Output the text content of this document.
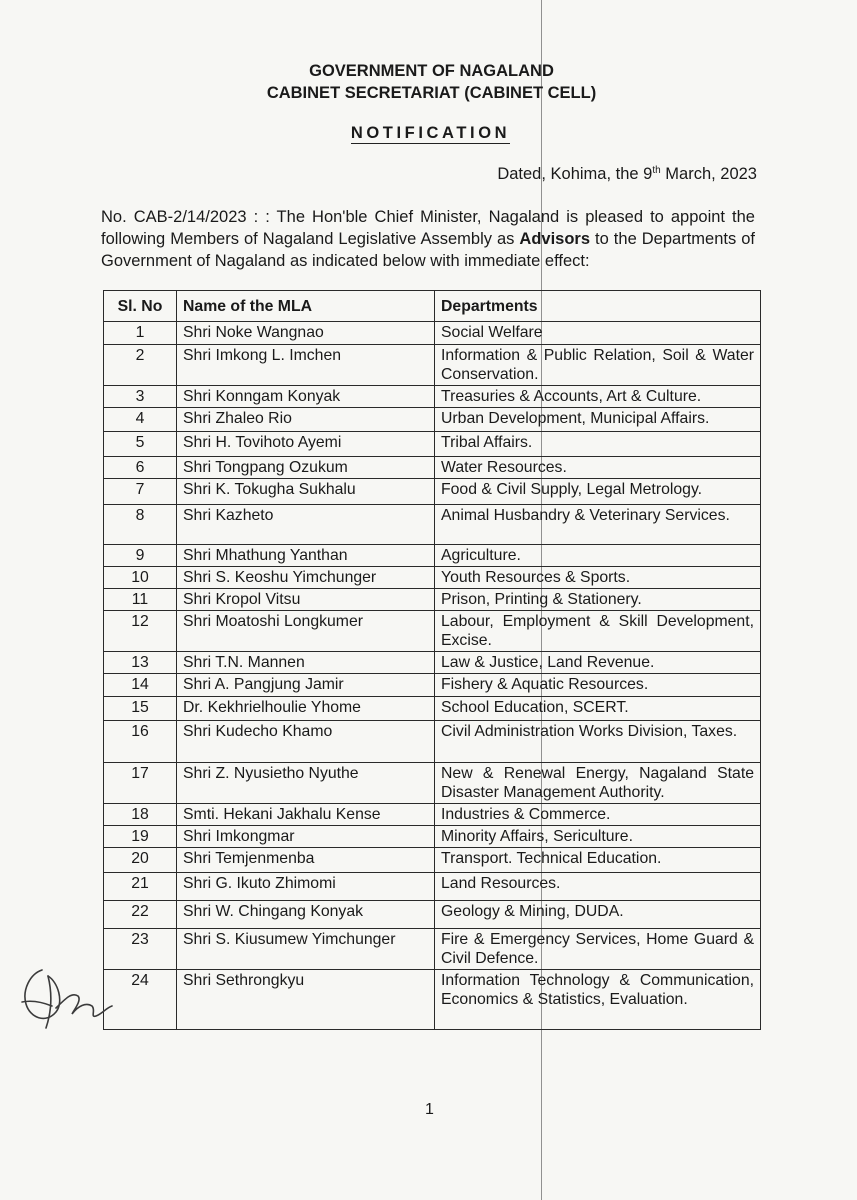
GOVERNMENT OF NAGALAND
CABINET SECRETARIAT (CABINET CELL)
NOTIFICATION
Dated, Kohima, the 9th March, 2023
No. CAB-2/14/2023 : : The Hon'ble Chief Minister, Nagaland is pleased to appoint the following Members of Nagaland Legislative Assembly as Advisors to the Departments of Government of Nagaland as indicated below with immediate effect:
Sl. No	Name of the MLA	Departments
1	Shri Noke Wangnao	Social Welfare
2	Shri Imkong L. Imchen	Information & Public Relation, Soil & Water Conservation.
3	Shri Konngam Konyak	Treasuries & Accounts, Art & Culture.
4	Shri Zhaleo Rio	Urban Development, Municipal Affairs.
5	Shri H. Tovihoto Ayemi	Tribal Affairs.
6	Shri Tongpang Ozukum	Water Resources.
7	Shri K. Tokugha Sukhalu	Food & Civil Supply, Legal Metrology.
8	Shri Kazheto	Animal Husbandry & Veterinary Services.
9	Shri Mhathung Yanthan	Agriculture.
10	Shri S. Keoshu Yimchunger	Youth Resources & Sports.
11	Shri Kropol Vitsu	Prison, Printing & Stationery.
12	Shri Moatoshi Longkumer	Labour, Employment & Skill Development, Excise.
13	Shri T.N. Mannen	Law & Justice, Land Revenue.
14	Shri A. Pangjung Jamir	Fishery & Aquatic Resources.
15	Dr. Kekhrielhoulie Yhome	School Education, SCERT.
16	Shri Kudecho Khamo	Civil Administration Works Division, Taxes.
17	Shri Z. Nyusietho Nyuthe	New & Renewal Energy, Nagaland State Disaster Management Authority.
18	Smti. Hekani Jakhalu Kense	Industries & Commerce.
19	Shri Imkongmar	Minority Affairs, Sericulture.
20	Shri Temjenmenba	Transport. Technical Education.
21	Shri G. Ikuto Zhimomi	Land Resources.
22	Shri W. Chingang Konyak	Geology & Mining, DUDA.
23	Shri S. Kiusumew Yimchunger	Fire & Emergency Services, Home Guard & Civil Defence.
24	Shri Sethrongkyu	Information Technology & Communication, Economics & Statistics, Evaluation.
1
